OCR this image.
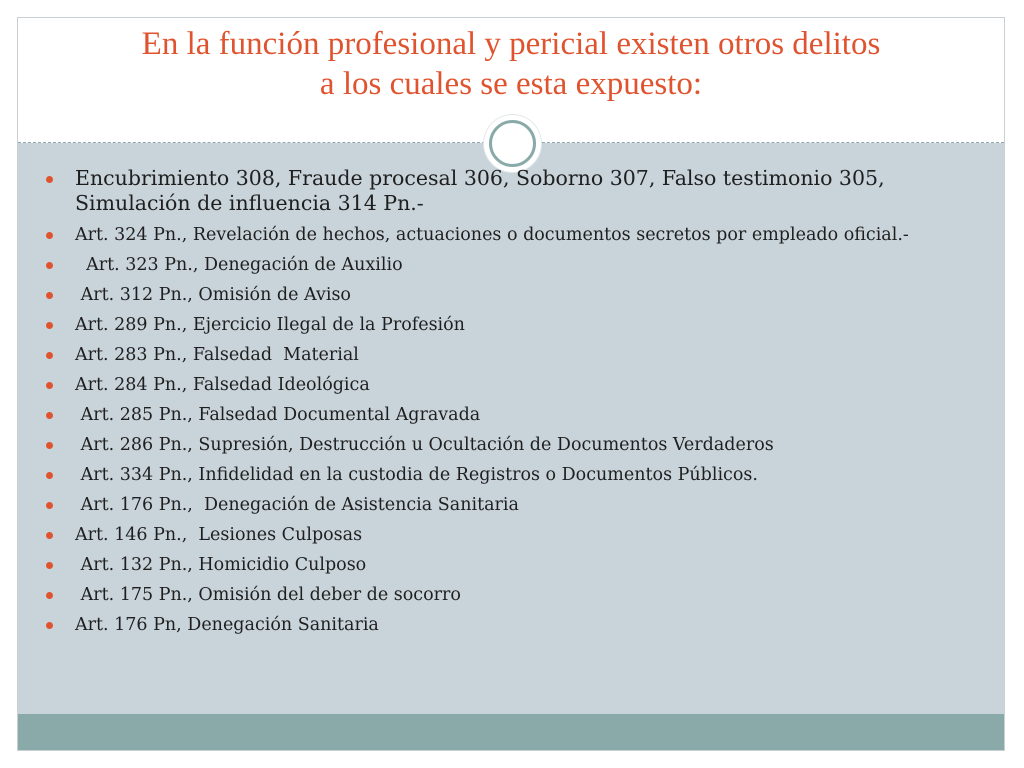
En la función profesional y pericial existen otros delitos
a los cuales se esta expuesto:
Encubrimiento 308, Fraude procesal 306, Soborno 307, Falso testimonio 305, Simulación de influencia 314 Pn.-
Art. 324 Pn., Revelación de hechos, actuaciones o documentos secretos por empleado oficial.-
Art. 323 Pn., Denegación de Auxilio
Art. 312 Pn., Omisión de Aviso
Art. 289 Pn., Ejercicio Ilegal de la Profesión
Art. 283 Pn., Falsedad  Material
Art. 284 Pn., Falsedad Ideológica
Art. 285 Pn., Falsedad Documental Agravada
Art. 286 Pn., Supresión, Destrucción u Ocultación de Documentos Verdaderos
Art. 334 Pn., Infidelidad en la custodia de Registros o Documentos Públicos.
Art. 176 Pn.,  Denegación de Asistencia Sanitaria
Art. 146 Pn.,  Lesiones Culposas
Art. 132 Pn., Homicidio Culposo
Art. 175 Pn., Omisión del deber de socorro
Art. 176 Pn, Denegación Sanitaria
